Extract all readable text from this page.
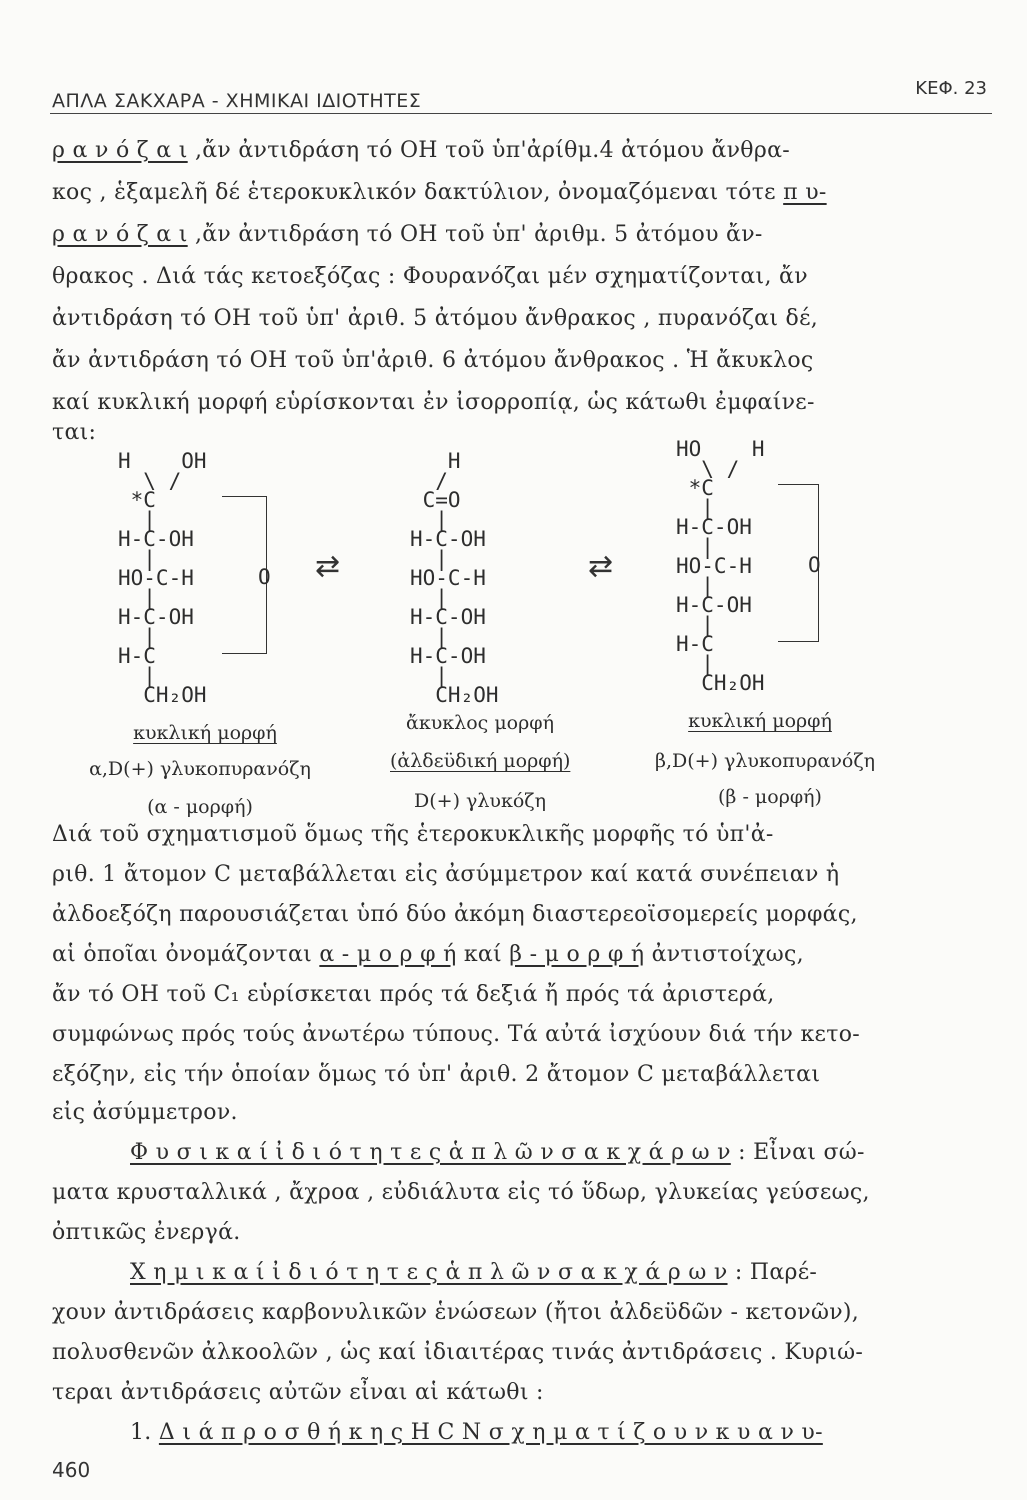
ΑΠΛΑ ΣΑΚΧΑΡΑ - ΧΗΜΙΚΑΙ ΙΔΙΟΤΗΤΕΣ
ΚΕΦ. 23
ρ α ν ό ζ α ι ,ἄν ἀντιδράση τό ΟΗ τοῦ ὑπ'ἀρίθμ.4 ἀτόμου ἄνθρα-
κος , ἑξαμελῆ δέ ἑτεροκυκλικόν δακτύλιον, ὀνομαζόμεναι τότε π υ-
ρ α ν ό ζ α ι ,ἄν ἀντιδράση τό ΟΗ τοῦ ὑπ' ἀριθμ. 5 ἀτόμου ἄν-
θρακος . Διά τάς κετοεξόζας : Φουρανόζαι μέν σχηματίζονται, ἄν
ἀντιδράση τό ΟΗ τοῦ ὑπ' ἀριθ. 5 ἀτόμου ἄνθρακος , πυρανόζαι δέ,
ἄν ἀντιδράση τό ΟΗ τοῦ ὑπ'ἀριθ. 6 ἀτόμου ἄνθρακος . Ἡ ἄκυκλος
καί κυκλική μορφή εὑρίσκονται ἐν ἰσορροπίᾳ, ὡς κάτωθι ἐμφαίνε-
ται:
H    OH
\ /
*C
|
H-C-OH
|
HO-C-H
|
H-C-OH
|
H-C
|
CH₂OH
O ⇄
H
/
C=O
|
H-C-OH
|
HO-C-H
|
H-C-OH
|
H-C-OH
|
CH₂OH
⇄
HO    H
\ /
*C
|
H-C-OH
|
HO-C-H
|
H-C-OH
|
H-C
|
CH₂OH
O
κυκλική μορφή
α,D(+) γλυκοπυρανόζη
(α - μορφή)
ἄκυκλος μορφή
(ἀλδεϋδική μορφή)
D(+) γλυκόζη
κυκλική μορφή
β,D(+) γλυκοπυρανόζη
(β - μορφή)
Διά τοῦ σχηματισμοῦ ὅμως τῆς ἑτεροκυκλικῆς μορφῆς τό ὑπ'ἀ-
ριθ. 1 ἄτομον C μεταβάλλεται εἰς ἀσύμμετρον καί κατά συνέπειαν ἡ
ἀλδοεξόζη παρουσιάζεται ὑπό δύο ἀκόμη διαστερεοϊσομερείς μορφάς,
αἱ ὁποῖαι ὀνομάζονται α - μ ο ρ φ ή καί β - μ ο ρ φ ή ἀντιστοίχως,
ἄν τό ΟΗ τοῦ C₁ εὑρίσκεται πρός τά δεξιά ἤ πρός τά ἀριστερά,
συμφώνως πρός τούς ἀνωτέρω τύπους. Τά αὐτά ἰσχύουν διά τήν κετο-
εξόζην, εἰς τήν ὁποίαν ὅμως τό ὑπ' ἀριθ. 2 ἄτομον C μεταβάλλεται
εἰς ἀσύμμετρον.
Φ υ σ ι κ α ί ἰ δ ι ό τ η τ ε ς ἁ π λ ῶ ν σ α κ χ ά ρ ω ν : Εἶναι σώ-
ματα κρυσταλλικά , ἄχροα , εὐδιάλυτα εἰς τό ὕδωρ, γλυκείας γεύσεως,
ὀπτικῶς ἐνεργά.
Χ η μ ι κ α ί ἰ δ ι ό τ η τ ε ς ἁ π λ ῶ ν σ α κ χ ά ρ ω ν : Παρέ-
χουν ἀντιδράσεις καρβονυλικῶν ἑνώσεων (ἤτοι ἀλδεϋδῶν - κετονῶν),
πολυσθενῶν ἀλκοολῶν , ὡς καί ἰδιαιτέρας τινάς ἀντιδράσεις . Κυριώ-
τεραι ἀντιδράσεις αὐτῶν εἶναι αἱ κάτωθι :
1. Δ ι ά π ρ ο σ θ ή κ η ς H C N σ χ η μ α τ ί ζ ο υ ν κ υ α ν υ-
460
